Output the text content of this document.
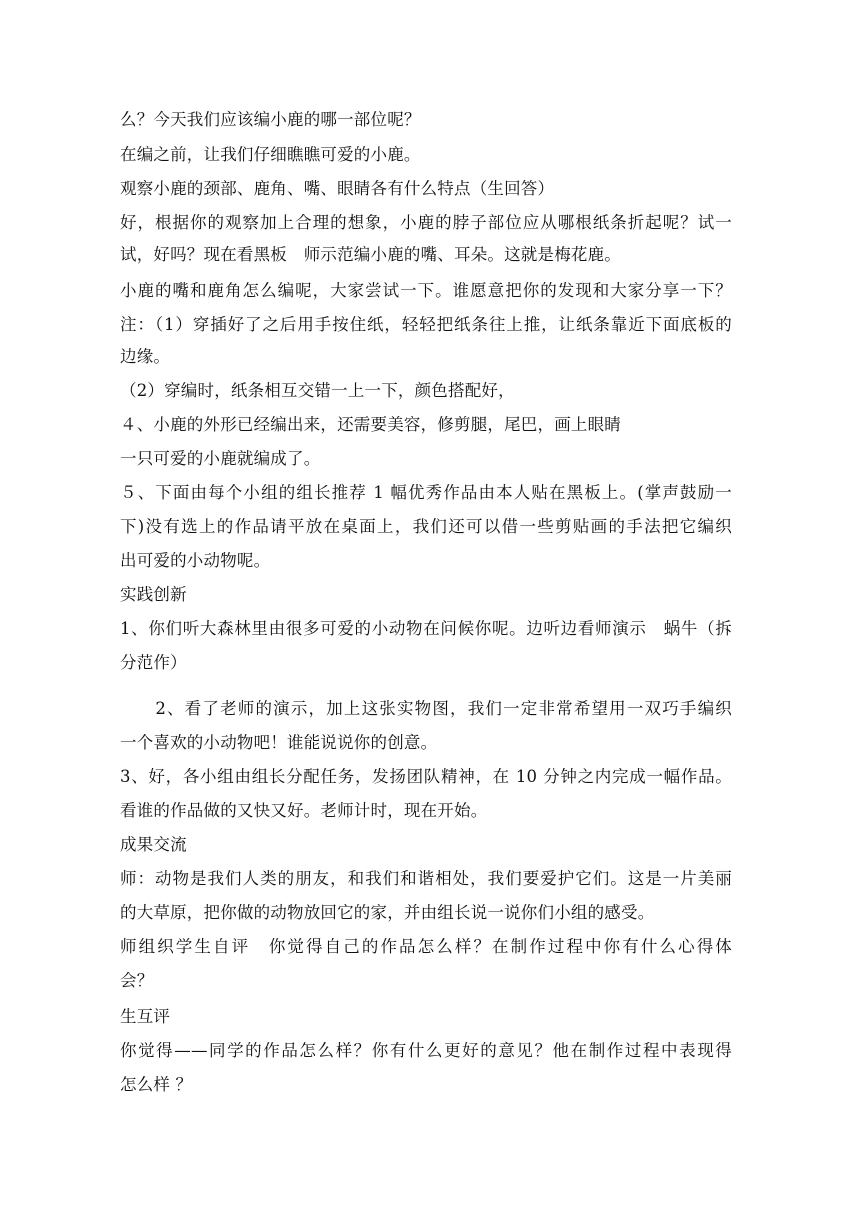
么？今天我们应该编小鹿的哪一部位呢？

在编之前，让我们仔细瞧瞧可爱的小鹿。

观察小鹿的颈部、鹿角、嘴、眼睛各有什么特点（生回答）

好，根据你的观察加上合理的想象，小鹿的脖子部位应从哪根纸条折起呢？试一

试，好吗？现在看黑板　师示范编小鹿的嘴、耳朵。这就是梅花鹿。

小鹿的嘴和鹿角怎么编呢，大家尝试一下。谁愿意把你的发现和大家分享一下？

注：（1）穿插好了之后用手按住纸，轻轻把纸条往上推，让纸条靠近下面底板的

边缘。

（2）穿编时，纸条相互交错一上一下，颜色搭配好，

４、小鹿的外形已经编出来，还需要美容，修剪腿，尾巴，画上眼睛

一只可爱的小鹿就编成了。

５、下面由每个小组的组长推荐 1 幅优秀作品由本人贴在黑板上。(掌声鼓励一

下)没有选上的作品请平放在桌面上，我们还可以借一些剪贴画的手法把它编织

出可爱的小动物呢。

实践创新

1、你们听大森林里由很多可爱的小动物在问候你呢。边听边看师演示　蜗牛（拆

分范作）

　　2、看了老师的演示，加上这张实物图，我们一定非常希望用一双巧手编织

一个喜欢的小动物吧！谁能说说你的创意。

3、好，各小组由组长分配任务，发扬团队精神，在 10 分钟之内完成一幅作品。

看谁的作品做的又快又好。老师计时，现在开始。

成果交流

师：动物是我们人类的朋友，和我们和谐相处，我们要爱护它们。这是一片美丽

的大草原，把你做的动物放回它的家，并由组长说一说你们小组的感受。

师组织学生自评　你觉得自己的作品怎么样？在制作过程中你有什么心得体

会？

生互评

你觉得——同学的作品怎么样？你有什么更好的意见？他在制作过程中表现得

怎么样 ？
